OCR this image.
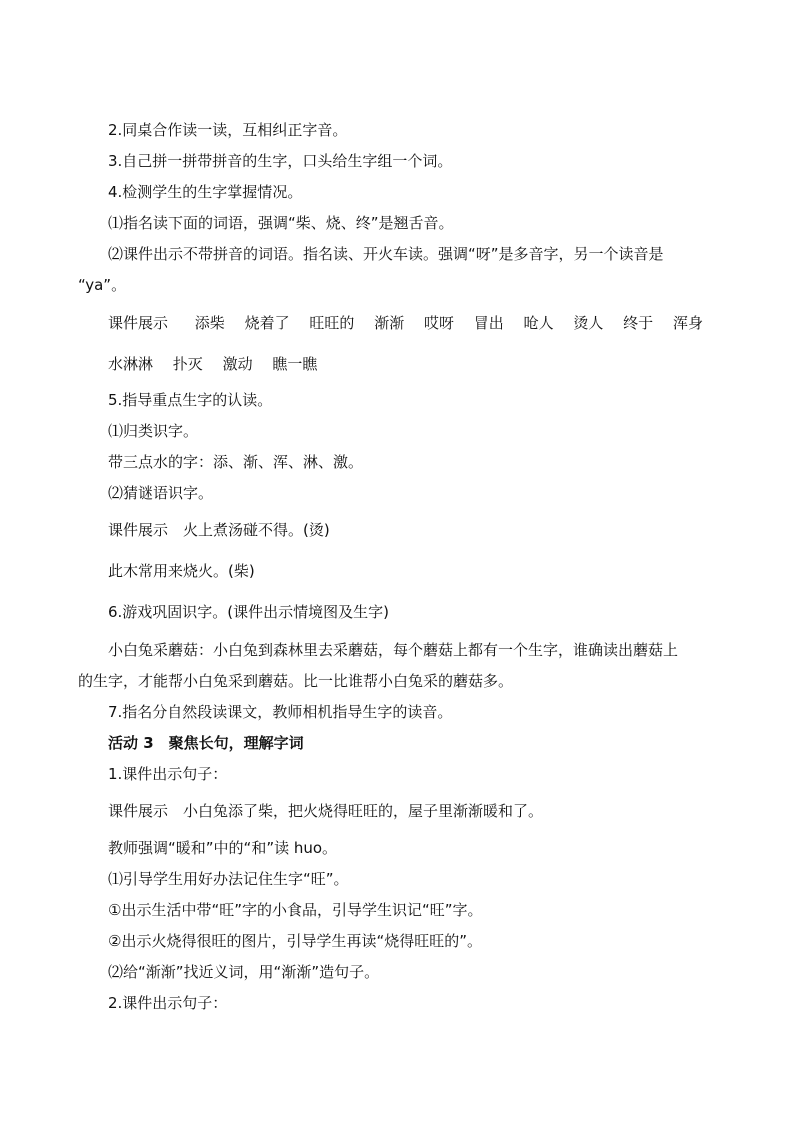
2.同桌合作读一读，互相纠正字音。
3.自己拼一拼带拼音的生字，口头给生字组一个词。
4.检测学生的生字掌握情况。
⑴指名读下面的词语，强调“柴、烧、终”是翘舌音。
⑵课件出示不带拼音的词语。指名读、开火车读。强调“呀”是多音字，另一个读音是
“ya”。
课件展示 添柴 烧着了 旺旺的 渐渐 哎呀 冒出 呛人 烫人 终于 浑身
水淋淋 扑灭 激动 瞧一瞧
5.指导重点生字的认读。
⑴归类识字。
带三点水的字：添、渐、浑、淋、激。
⑵猜谜语识字。
课件展示　火上煮汤碰不得。(烫)
此木常用来烧火。(柴)
6.游戏巩固识字。(课件出示情境图及生字)
小白兔采蘑菇：小白兔到森林里去采蘑菇，每个蘑菇上都有一个生字，谁确读出蘑菇上
的生字，才能帮小白兔采到蘑菇。比一比谁帮小白兔采的蘑菇多。
7.指名分自然段读课文，教师相机指导生字的读音。
活动 3　聚焦长句，理解字词
1.课件出示句子：
课件展示　小白兔添了柴，把火烧得旺旺的，屋子里渐渐暖和了。
教师强调“暖和”中的“和”读 huo。
⑴引导学生用好办法记住生字“旺”。
①出示生活中带“旺”字的小食品，引导学生识记“旺”字。
②出示火烧得很旺的图片，引导学生再读“烧得旺旺的”。
⑵给“渐渐”找近义词，用“渐渐”造句子。
2.课件出示句子：
